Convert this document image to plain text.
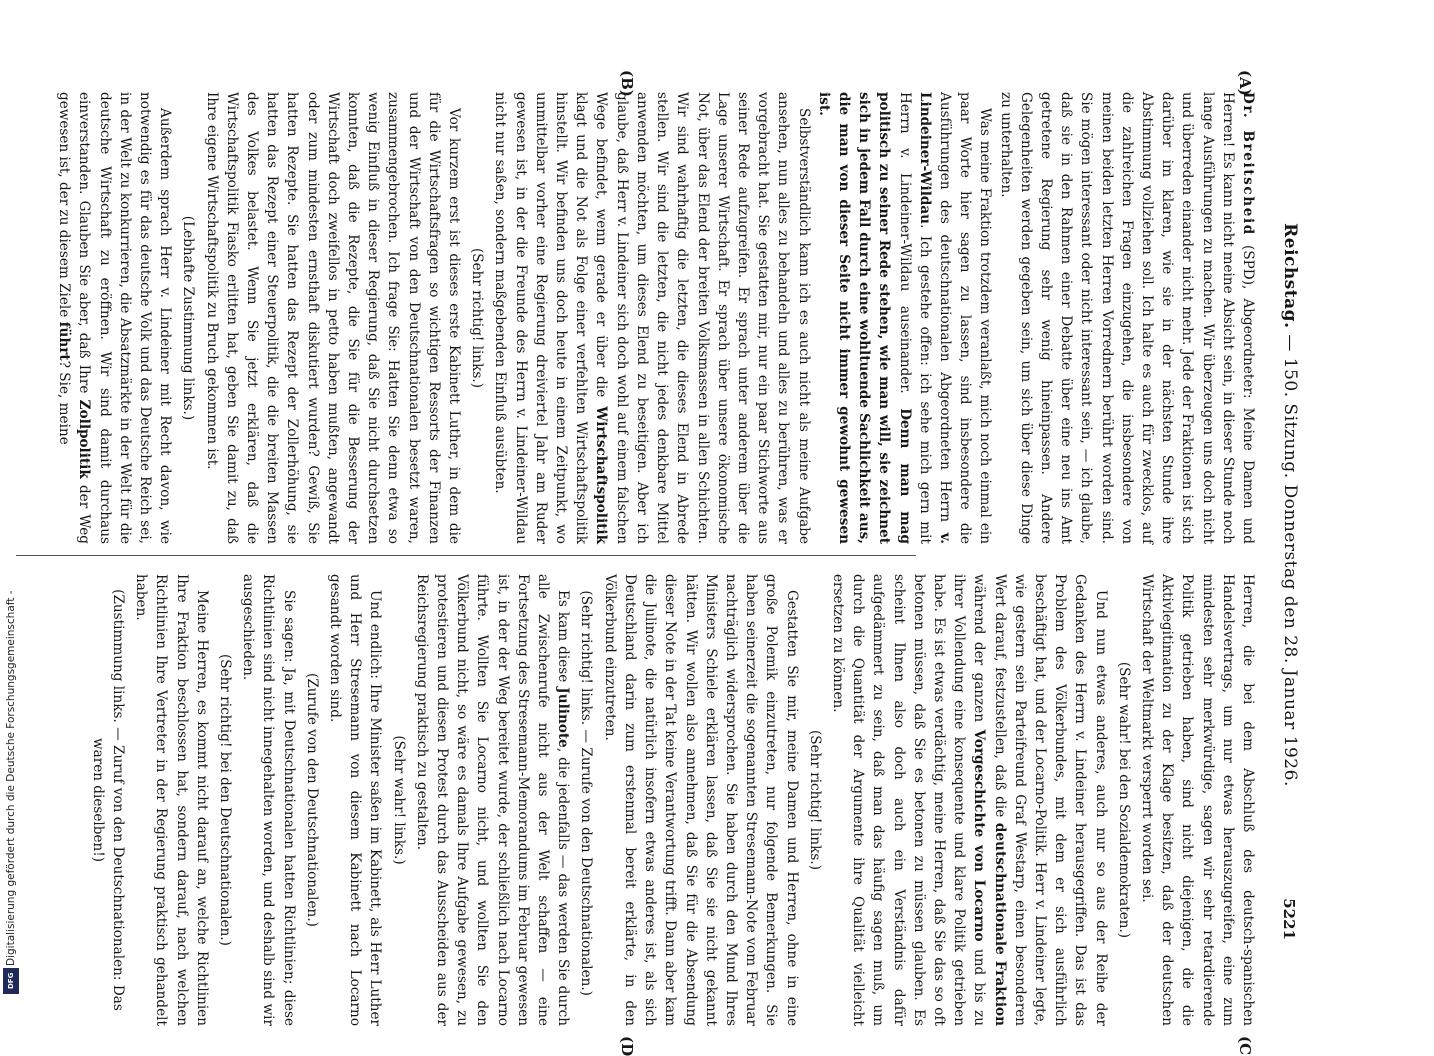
Reichstag. — 150. Sitzung. Donnerstag den 28. Januar 1926.
5221
(A)
(B)
(C
(D

Dr. Breitscheid (SPD), Abgeordneter: Meine Damen und Herren! Es kann nicht meine Absicht sein, in dieser Stunde noch lange Ausführungen zu machen. Wir überzeugen uns doch nicht und überreden einander nicht mehr. Jede der Fraktionen ist sich darüber im klaren, wie sie in der nächsten Stunde ihre Abstimmung vollziehen soll. Ich halte es auch für zwecklos, auf die zahlreichen Fragen einzugehen, die insbesondere von meinen beiden letzten Herren Vorrednern berührt worden sind. Sie mögen interessant oder nicht interessant sein, — ich glaube, daß sie in den Rahmen einer Debatte über eine neu ins Amt getretene Regierung sehr wenig hineinpassen. Andere Gelegenheiten werden gegeben sein, um sich über diese Dinge zu unterhalten.

Was meine Fraktion trotzdem veranlaßt, mich noch einmal ein paar Worte hier sagen zu lassen, sind insbesondere die Ausführungen des deutschnationalen Abgeordneten Herrn v. Lindeiner-Wildau. Ich gestehe offen: ich sehe mich gern mit Herrn v. Lindeiner-Wildau auseinander. Denn man mag politisch zu seiner Rede stehen, wie man will, sie zeichnet sich in jedem Fall durch eine wohltuende Sachlichkeit aus, die man von dieser Seite nicht immer gewohnt gewesen ist.

Selbstverständlich kann ich es auch nicht als meine Aufgabe ansehen, nun alles zu behandeln und alles zu berühren, was er vorgebracht hat. Sie gestatten mir, nur ein paar Stichworte aus seiner Rede aufzugreifen. Er sprach unter anderem über die Lage unserer Wirtschaft. Er sprach über unsere ökonomische Not, über das Elend der breiten Volksmassen in allen Schichten. Wir sind wahrhaftig die letzten, die dieses Elend in Abrede stellen. Wir sind die letzten, die nicht jedes denkbare Mittel anwenden möchten, um dieses Elend zu beseitigen. Aber ich glaube, daß Herr v. Lindeiner sich doch wohl auf einem falschen Wege befindet, wenn gerade er über die Wirtschaftspolitik klagt und die Not als Folge einer verfehlten Wirtschaftspolitik hinstellt. Wir befinden uns doch heute in einem Zeitpunkt, wo unmittelbar vorher eine Regierung dreiviertel Jahr am Ruder gewesen ist, in der die Freunde des Herrn v. Lindeiner-Wildau nicht nur saßen, sondern maßgebenden Einfluß ausübten.

(Sehr richtig! links.)

Vor kurzem erst ist dieses erste Kabinett Luther, in dem die für die Wirtschaftsfragen so wichtigen Ressorts der Finanzen und der Wirtschaft von den Deutschnationalen besetzt waren, zusammengebrochen. Ich frage Sie: Hatten Sie denn etwa so wenig Einfluß in dieser Regierung, daß Sie nicht durchsetzen konnten, daß die Rezepte, die Sie für die Besserung der Wirtschaft doch zweifellos in petto haben mußten, angewandt oder zum mindesten ernsthaft diskutiert wurden? Gewiß, Sie hatten Rezepte. Sie hatten das Rezept der Zollerhöhung, sie hatten das Rezept einer Steuerpolitik, die die breiten Massen des Volkes belastet. Wenn Sie jetzt erklären, daß die Wirtschaftspolitik Fiasko erlitten hat, geben Sie damit zu, daß Ihre eigene Wirtschaftspolitik zu Bruch gekommen ist.

(Lebhafte Zustimmung links.)

Außerdem sprach Herr v. Lindeiner mit Recht davon, wie notwendig es für das deutsche Volk und das Deutsche Reich sei, in der Welt zu konkurrieren, die Absatzmärkte in der Welt für die deutsche Wirtschaft zu eröffnen. Wir sind damit durchaus einverstanden. Glauben Sie aber, daß Ihre Zollpolitik der Weg gewesen ist, der zu diesem Ziele führt? Sie, meine

Herren, die bei dem Abschluß des deutsch-spanischen Handelsvertrags, um nur etwas herauszugreifen, eine zum mindesten sehr merkwürdige, sagen wir sehr retardierende Politik getrieben haben, sind nicht diejenigen, die die Aktivlegitimation zu der Klage besitzen, daß der deutschen Wirtschaft der Weltmarkt versperrt worden sei.

(Sehr wahr! bei den Sozialdemokraten.)

Und nun etwas anderes, auch nur so aus der Reihe der Gedanken des Herrn v. Lindeiner herausgegriffen. Das ist das Problem des Völkerbundes, mit dem er sich ausführlich beschäftigt hat, und der Locarno-Politik. Herr v. Lindeiner legte, wie gestern sein Parteifreund Graf Westarp, einen besonderen Wert darauf, festzustellen, daß die deutschnationale Fraktion während der ganzen Vorgeschichte von Locarno und bis zu ihrer Vollendung eine konsequente und klare Politik getrieben habe. Es ist etwas verdächtig, meine Herren, daß Sie das so oft betonen müssen, daß Sie es betonen zu müssen glauben. Es scheint Ihnen also doch auch ein Verständnis dafür aufgedämmert zu sein, daß man das häufig sagen muß, um durch die Quantität der Argumente ihre Qualität vielleicht ersetzen zu können.

(Sehr richtig! links.)

Gestatten Sie mir, meine Damen und Herren, ohne in eine große Polemik einzutreten, nur folgende Bemerkungen. Sie haben seinerzeit die sogenannten Stresemann-Note vom Februar nachträglich widersprochen. Sie haben durch den Mund Ihres Ministers Schiele erklären lassen, daß Sie sie nicht gekannt hätten. Wir wollen also annehmen, daß Sie für die Absendung dieser Note in der Tat keine Verantwortung trifft. Dann aber kam die Julinote, die natürlich insofern etwas anderes ist, als sich Deutschland darin zum erstenmal bereit erklärte, in den Völkerbund einzutreten.

(Sehr richtig! links. — Zurufe von den Deutschnationalen.)

Es kam diese Julinote, die jedenfalls — das werden Sie durch alle Zwischenrufe nicht aus der Welt schaffen — eine Fortsetzung des Stresemann-Memorandums im Februar gewesen ist, in der der Weg bereitet wurde, der schließlich nach Locarno führte. Wollten Sie Locarno nicht, und wollten Sie den Völkerbund nicht, so wäre es damals Ihre Aufgabe gewesen, zu protestieren und diesen Protest durch das Ausscheiden aus der Reichsregierung praktisch zu gestalten.

(Sehr wahr! links.)

Und endlich: Ihre Minister saßen im Kabinett, als Herr Luther und Herr Stresemann von diesem Kabinett nach Locarno gesandt worden sind.

(Zurufe von den Deutschnationalen.)

Sie sagen: Ja, mit Deutschnationalen hatten Richtlinien; diese Richtlinien sind nicht innegehalten worden, und deshalb sind wir ausgeschieden.

(Sehr richtig! bei den Deutschnationalen.)

Meine Herren, es kommt nicht darauf an, welche Richtlinien Ihre Fraktion beschlossen hat, sondern darauf, nach welchen Richtlinien Ihre Vertreter in der Regierung praktisch gehandelt haben.

(Zustimmung links. — Zuruf von den Deutschnationalen: Das waren dieselben!)

Digitalisierung gefördert durch die Deutsche Forschungsgemeinschaft -
DFG
